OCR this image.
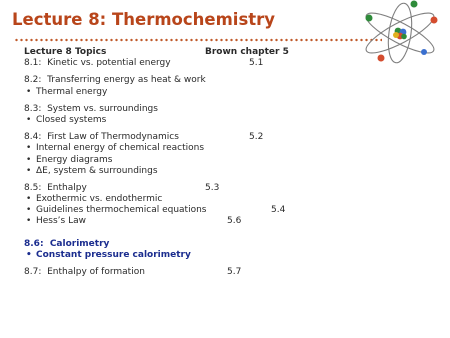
Lecture 8: Thermochemistry
Lecture 8 Topics	Brown chapter 5
8.1: Kinetic vs. potential energy	5.1
8.2: Transferring energy as heat & work
• Thermal energy
8.3: System vs. surroundings
• Closed systems
8.4: First Law of Thermodynamics	5.2
• Internal energy of chemical reactions
• Energy diagrams
• ΔE, system & surroundings
8.5: Enthalpy	5.3
• Exothermic vs. endothermic
• Guidelines thermochemical equations	5.4
• Hess’s Law	5.6
8.6: Calorimetry
• Constant pressure calorimetry
8.7: Enthalpy of formation	5.7
